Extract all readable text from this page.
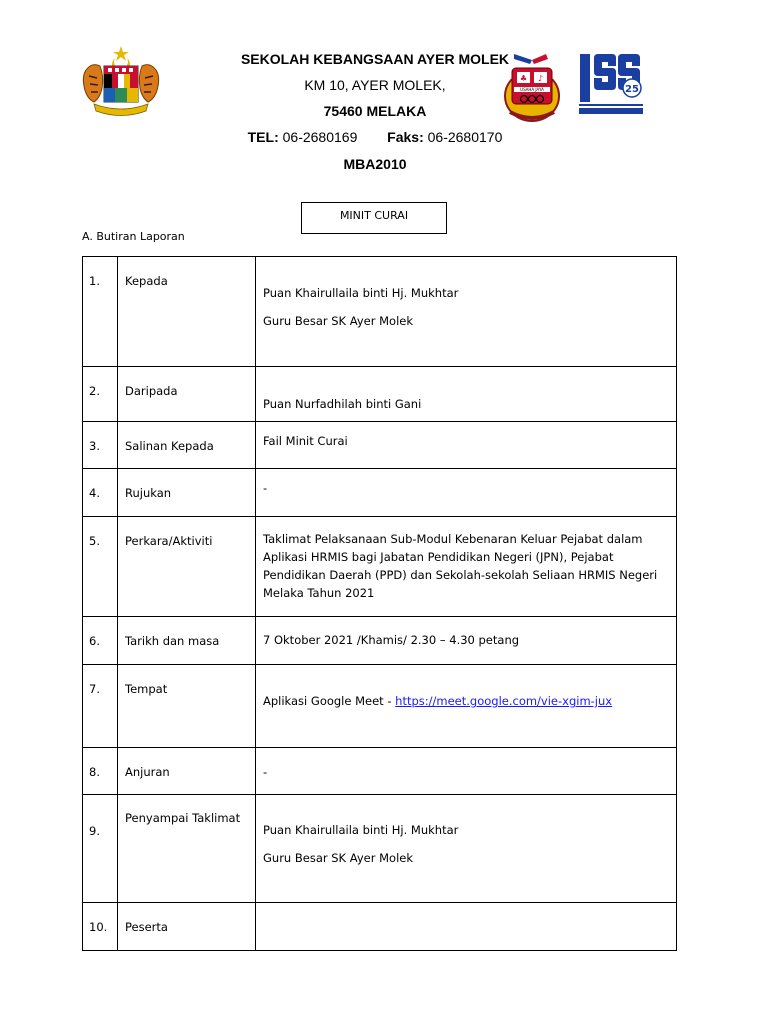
♣ ♪
USAHA JAYA	25
SEKOLAH KEBANGSAAN AYER MOLEK
KM 10, AYER MOLEK,
75460 MELAKA
TEL: 06-2680169 Faks: 06-2680170
MBA2010
MINIT CURAI
A. Butiran Laporan
1.	Kepada	Puan Khairullaila binti Hj. Mukhtar
Guru Besar SK Ayer Molek

2.	Daripada	Puan Nurfadhilah binti Gani

3.	Salinan Kepada	Fail Minit Curai

4.	Rujukan	-

5.	Perkara/Aktiviti	Taklimat Pelaksanaan Sub-Modul Kebenaran Keluar Pejabat dalam Aplikasi HRMIS bagi Jabatan Pendidikan Negeri (JPN), Pejabat Pendidikan Daerah (PPD) dan Sekolah-sekolah Seliaan HRMIS Negeri Melaka Tahun 2021

6.	Tarikh dan masa	7 Oktober 2021 /Khamis/ 2.30 – 4.30 petang

7.	Tempat	Aplikasi Google Meet - https://meet.google.com/vie-xgim-jux

8.	Anjuran	-

9.	Penyampai Taklimat	Puan Khairullaila binti Hj. Mukhtar
Guru Besar SK Ayer Molek

10.	Peserta	
